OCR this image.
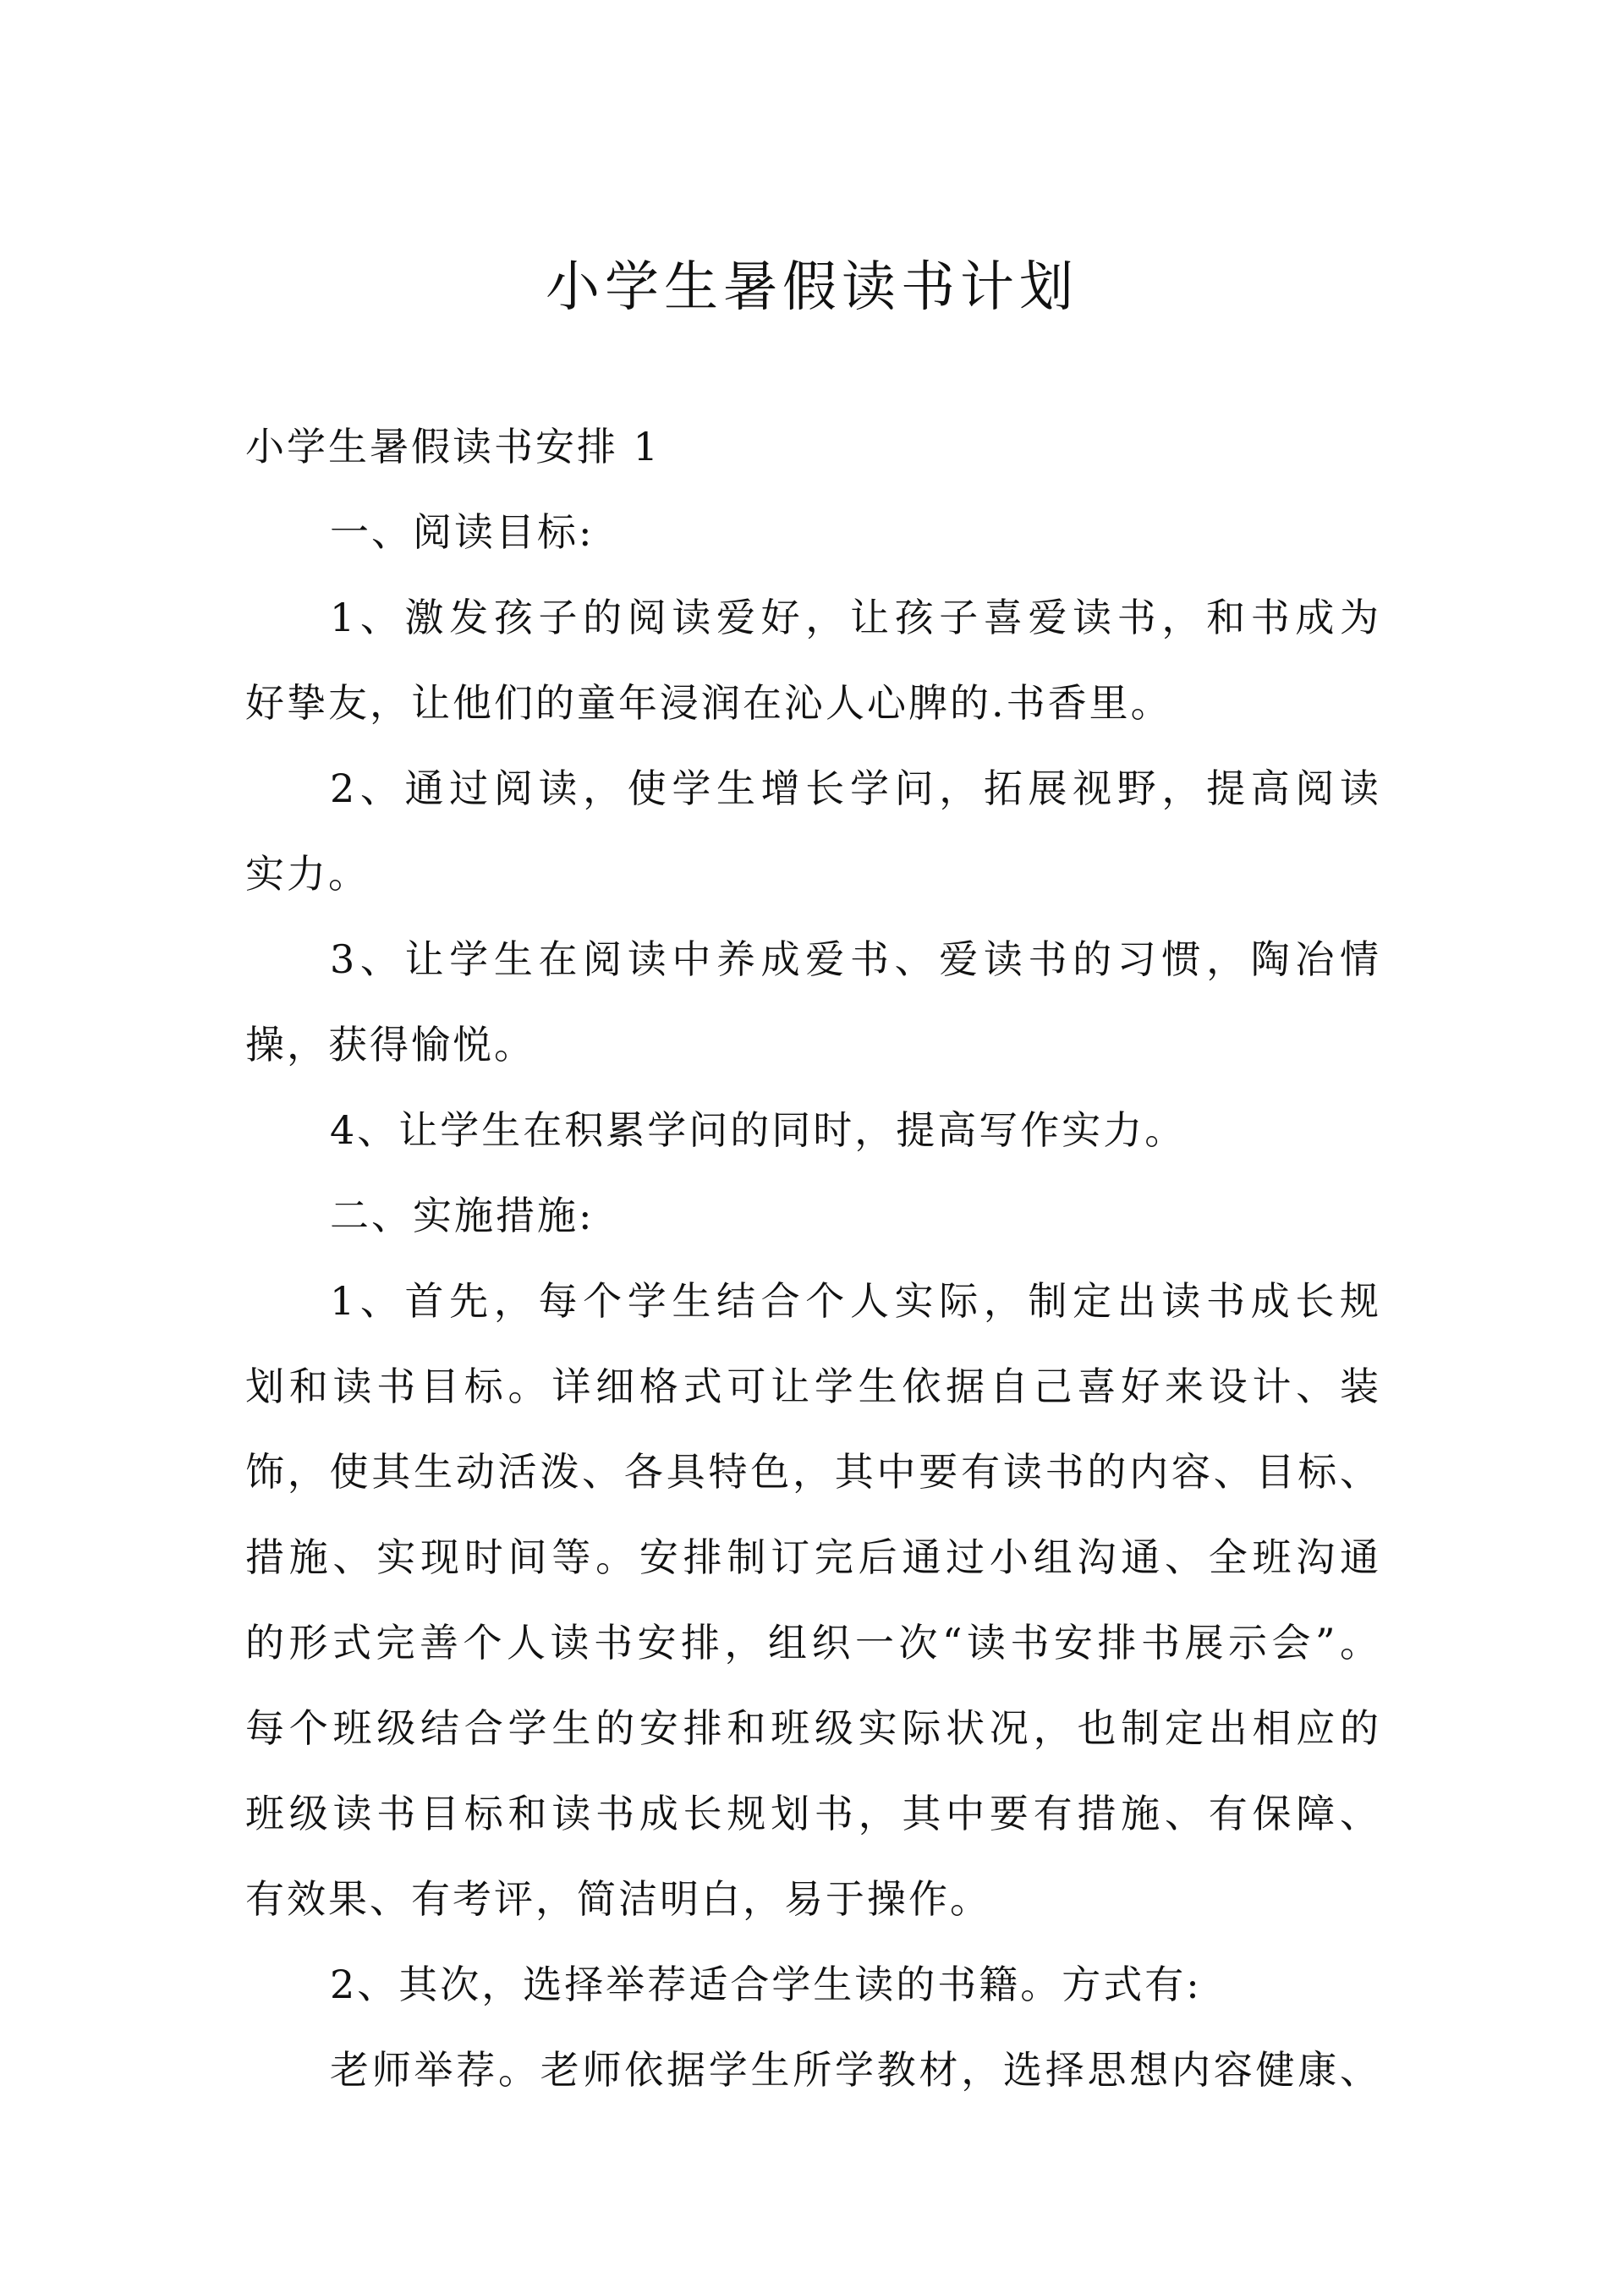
小学生暑假读书计划
小学生暑假读书安排 1
一、阅读目标:
1、激发孩子的阅读爱好，让孩子喜爱读书，和书成为
好挚友，让他们的童年浸润在沁人心脾的.书香里。
2、通过阅读，使学生增长学问，拓展视野，提高阅读
实力。
3、让学生在阅读中养成爱书、爱读书的习惯，陶冶情
操，获得愉悦。
4、让学生在积累学问的同时，提高写作实力。
二、实施措施:
1、首先，每个学生结合个人实际，制定出读书成长规
划和读书目标。详细格式可让学生依据自己喜好来设计、装
饰，使其生动活泼、各具特色，其中要有读书的内容、目标、
措施、实现时间等。安排制订完后通过小组沟通、全班沟通
的形式完善个人读书安排，组织一次“读书安排书展示会”。
每个班级结合学生的安排和班级实际状况，也制定出相应的
班级读书目标和读书成长规划书，其中要有措施、有保障、
有效果、有考评，简洁明白，易于操作。
2、其次，选择举荐适合学生读的书籍。方式有:
老师举荐。老师依据学生所学教材，选择思想内容健康、
